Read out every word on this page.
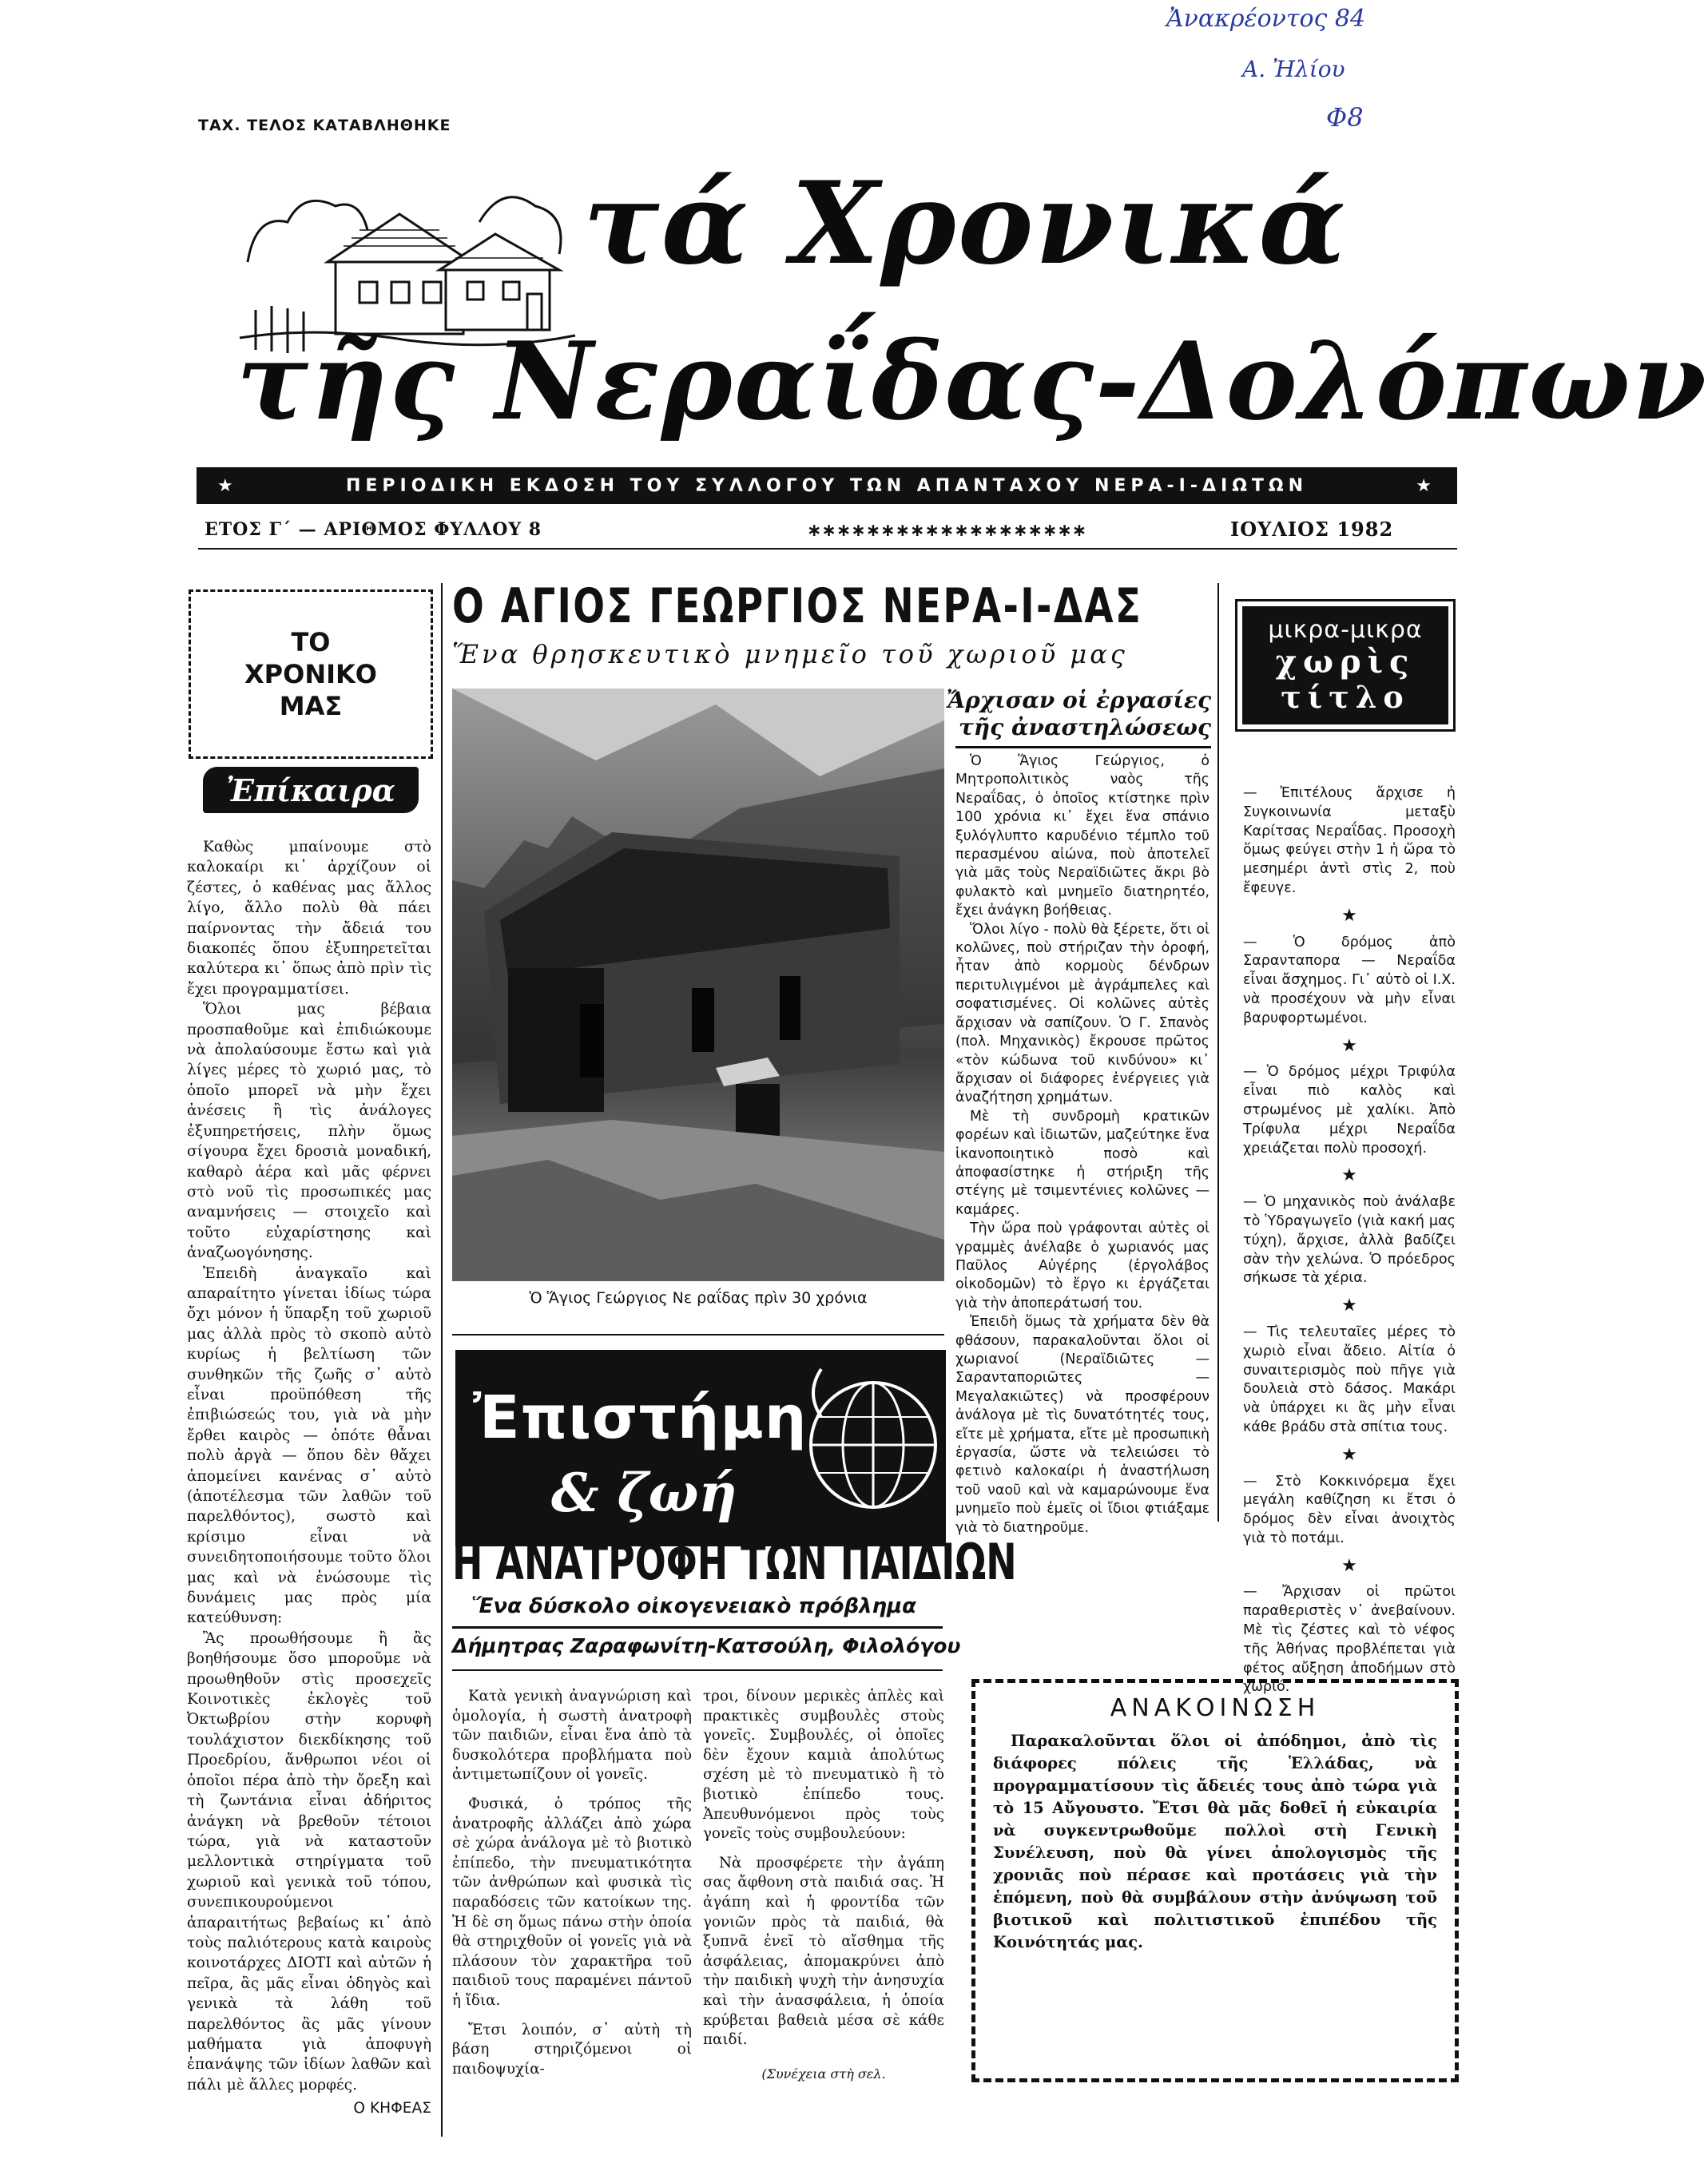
Ἀνακρέοντος 84
Α. Ἠλίου
Φ8
ΤΑΧ. ΤΕΛΟΣ ΚΑΤΑΒΛΗΘΗΚΕ
τά Χρονικά
τῆς Νεραΐδας-Δολόπων
★	ΠΕΡΙΟΔΙΚΗ ΕΚΔΟΣΗ ΤΟΥ ΣΥΛΛΟΓΟΥ ΤΩΝ ΑΠΑΝΤΑΧΟΥ ΝΕΡΑ-Ι-ΔΙΩΤΩΝ	★
ΕΤΟΣ Γ΄ — ΑΡΙΘΜΟΣ ΦΥΛΛΟΥ 8	∗∗∗∗∗∗∗∗∗∗∗∗∗∗∗∗∗∗∗	ΙΟΥΛΙΟΣ 1982
ΤΟ
ΧΡΟΝΙΚΟ
ΜΑΣ
Ἐπίκαιρα

Καθὼς μπαίνουμε στὸ καλοκαίρι κι᾽ ἀρχίζουν οἱ ζέστες, ὁ καθένας μας ἄλλος λίγο, ἄλλο πολὺ θὰ πάει παίρνοντας τὴν ἄδειά του διακοπές ὅπου ἐξυπηρετεῖται καλύτερα κι᾽ ὅπως ἀπὸ πρὶν τὶς ἔχει προγραμματίσει.

Ὅλοι μας βέβαια προσπαθοῦμε καὶ ἐπιδιώκουμε νὰ ἀπολαύσουμε ἔστω καὶ γιὰ λίγες μέρες τὸ χωριό μας, τὸ ὁποῖο μπορεῖ νὰ μὴν ἔχει ἀνέσεις ἢ τὶς ἀνάλογες ἐξυπηρετήσεις, πλὴν ὅμως σίγουρα ἔχει δροσιὰ μοναδική, καθαρὸ ἀέρα καὶ μᾶς φέρνει στὸ νοῦ τὶς προσωπικές μας αναμνήσεις — στοιχεῖο καὶ τοῦτο εὐχαρίστησης καὶ ἀναζωογόνησης.

Ἐπειδὴ ἀναγκαῖο καὶ απαραίτητο γίνεται ἰδίως τώρα ὄχι μόνον ἡ ὕπαρξη τοῦ χωριοῦ μας ἀλλὰ πρὸς τὸ σκοπὸ αὐτὸ κυρίως ἡ βελτίωση τῶν συνθηκῶν τῆς ζωῆς σ᾽ αὐτὸ εἶναι προϋπόθεση τῆς ἐπιβιώσεώς του, γιὰ νὰ μὴν ἔρθει καιρὸς — ὁπότε θἆναι πολὺ ἀργὰ — ὅπου δὲν θἄχει ἀπομείνει κανένας σ᾽ αὐτὸ (ἀποτέλεσμα τῶν λαθῶν τοῦ παρελθόντος), σωστὸ καὶ κρίσιμο εἶναι νὰ συνειδητοποιήσουμε τοῦτο ὅλοι μας καὶ νὰ ἑνώσουμε τὶς δυνάμεις μας πρὸς μία κατεύθυνση:

Ἂς προωθήσουμε ἢ ἂς βοηθήσουμε ὅσο μποροῦμε νὰ προωθηθοῦν στὶς προσεχεῖς Κοινοτικὲς ἐκλογὲς τοῦ Ὀκτωβρίου στὴν κορυφὴ τουλάχιστον διεκδίκησης τοῦ Προεδρίου, ἄνθρωποι νέοι οἱ ὁποῖοι πέρα ἀπὸ τὴν ὄρεξη καὶ τὴ ζωντάνια εἶναι ἀδήριτος ἀνάγκη νὰ βρεθοῦν τέτοιοι τώρα, γιὰ νὰ καταστοῦν μελλοντικὰ στηρίγματα τοῦ χωριοῦ καὶ γενικὰ τοῦ τόπου, συνεπικουρούμενοι ἀπαραιτήτως βεβαίως κι᾽ ἀπὸ τοὺς παλιότερους κατὰ καιροὺς κοινοτάρχες ΔΙΟΤΙ καὶ αὐτῶν ἡ πεῖρα, ἂς μᾶς εἶναι ὁδηγὸς καὶ γενικὰ τὰ λάθη τοῦ παρελθόντος ἂς μᾶς γίνουν μαθήματα γιὰ ἀποφυγὴ ἐπανάψης τῶν ἰδίων λαθῶν καὶ πάλι μὲ ἄλλες μορφές.

Ο ΚΗΦΕΑΣ

Ο ΑΓΙΟΣ ΓΕΩΡΓΙΟΣ ΝΕΡΑ-Ι-ΔΑΣ
Ἕνα θρησκευτικὸ μνημεῖο τοῦ χωριοῦ μας
Ὁ Ἅγιος Γεώργιος Νε ραΐδας πρὶν 30 χρόνια
Ἄρχισαν οἱ ἐργασίες τῆς ἀναστηλώσεως

Ὁ Ἅγιος Γεώργιος, ὁ Μητροπολιτικὸς ναὸς τῆς Νεραΐδας, ὁ ὁποῖος κτίστηκε πρὶν 100 χρόνια κι᾽ ἔχει ἕνα σπάνιο ξυλόγλυπτο καρυδένιο τέμπλο τοῦ περασμένου αἰώνα, ποὺ ἀποτελεῖ γιὰ μᾶς τοὺς Νεραϊδιῶτες ἄκρι βὸ φυλακτὸ καὶ μνημεῖο διατηρητέο, ἔχει ἀνάγκη βοήθειας.

Ὅλοι λίγο - πολὺ θὰ ξέρετε, ὅτι οἱ κολῶνες, ποὺ στήριζαν τὴν ὀροφή, ἦταν ἀπὸ κορμοὺς δένδρων περιτυλιγμένοι μὲ ἀγράμπελες καὶ σοφατισμένες. Οἱ κολῶνες αὐτὲς ἄρχισαν νὰ σαπίζουν. Ὁ Γ. Σπανὸς (πολ. Μηχανικὸς) ἔκρουσε πρῶτος «τὸν κώδωνα τοῦ κινδύνου» κι᾽ ἄρχισαν οἱ διάφορες ἐνέργειες γιὰ ἀναζήτηση χρημάτων.

Μὲ τὴ συνδρομὴ κρατικῶν φορέων καὶ ἰδιωτῶν, μαζεύτηκε ἕνα ἱκανοποιητικὸ ποσὸ καὶ ἀποφασίστηκε ἡ στήριξη τῆς στέγης μὲ τσιμεντένιες κολῶνες — καμάρες.

Τὴν ὥρα ποὺ γράφονται αὐτὲς οἱ γραμμὲς ἀνέλαβε ὁ χωριανός μας Παῦλος Αὐγέρης (ἐργολάβος οἰκοδομῶν) τὸ ἔργο κι ἐργάζεται γιὰ τὴν ἀποπεράτωσή του.

Ἐπειδὴ ὅμως τὰ χρήματα δὲν θὰ φθάσουν, παρακαλοῦνται ὅλοι οἱ χωριανοί (Νεραϊδιῶτες — Σαρανταποριῶτες — Μεγαλακιῶτες) νὰ προσφέρουν ἀνάλογα μὲ τὶς δυνατότητές τους, εἴτε μὲ χρήματα, εἴτε μὲ προσωπικὴ ἐργασία, ὥστε νὰ τελειώσει τὸ φετινὸ καλοκαίρι ἡ ἀναστήλωση τοῦ ναοῦ καὶ νὰ καμαρώνουμε ἕνα μνημεῖο ποὺ ἐμεῖς οἱ ἴδιοι φτιάξαμε γιὰ τὸ διατηροῦμε.

Ἐπιστήμη
& ζωή
Η ΑΝΑΤΡΟΦΗ ΤΩΝ ΠΑΙΔΙΩΝ
Ἕνα δύσκολο οἰκογενειακὸ πρόβλημα
Δήμητρας Ζαραφωνίτη-Κατσούλη, Φιλολόγου

Κατὰ γενικὴ ἀναγνώριση καὶ ὁμολογία, ἡ σωστὴ ἀνατροφὴ τῶν παιδιῶν, εἶναι ἕνα ἀπὸ τὰ δυσκολότερα προβλήματα ποὺ ἀντιμετωπίζουν οἱ γονεῖς.

Φυσικά, ὁ τρόπος τῆς ἀνατροφῆς ἀλλάζει ἀπὸ χώρα σὲ χώρα ἀνάλογα μὲ τὸ βιοτικὸ ἐπίπεδο, τὴν πνευματικότητα τῶν ἀνθρώπων καὶ φυσικὰ τὶς παραδόσεις τῶν κατοίκων της. Ἡ δὲ ση ὅμως πάνω στὴν ὁποία θὰ στηριχθοῦν οἱ γονεῖς γιὰ νὰ πλάσουν τὸν χαρακτῆρα τοῦ παιδιοῦ τους παραμένει πάντοῦ ἡ ἴδια.

Ἔτσι λοιπόν, σ᾽ αὐτὴ τὴ βάση στηριζόμενοι οἱ παιδοψυχία-

τροι, δίνουν μερικὲς ἁπλὲς καὶ πρακτικὲς συμβουλὲς στοὺς γονεῖς. Συμβουλές, οἱ ὁποῖες δὲν ἔχουν καμιὰ ἀπολύτως σχέση μὲ τὸ πνευματικὸ ἢ τὸ βιοτικὸ ἐπίπεδο τους. Ἀπευθυνόμενοι πρὸς τοὺς γονεῖς τοὺς συμβουλεύουν:

Νὰ προσφέρετε τὴν ἀγάπη σας ἄφθονη στὰ παιδιά σας. Ἡ ἀγάπη καὶ ἡ φροντίδα τῶν γονιῶν πρὸς τὰ παιδιά, θὰ ξυπνᾶ ἐνεῖ τὸ αἴσθημα τῆς ἀσφάλειας, ἀπομακρύνει ἀπὸ τὴν παιδικὴ ψυχὴ τὴν ἀνησυχία καὶ τὴν ἀνασφάλεια, ἡ ὁποία κρύβεται βαθειὰ μέσα σὲ κάθε παιδί.

(Συνέχεια στὴ σελ.

μικρα-μικρα
χωρὶς
τίτλο

— Ἐπιτέλους ἄρχισε ἡ Συγκοινωνία μεταξὺ Καρίτσας Νεραΐδας. Προσοχὴ ὅμως φεύγει στὴν 1 ἡ ὥρα τὸ μεσημέρι ἀντὶ στὶς 2, ποὺ ἔφευγε.

★

— Ὁ δρόμος ἀπὸ Σαρανταπορα — Νεραΐδα εἶναι ἄσχημος. Γι᾽ αὐτὸ οἱ Ι.Χ. νὰ προσέχουν νὰ μὴν εἶναι βαρυφορτωμένοι.

★

— Ὁ δρόμος μέχρι Τριφύλα εἶναι πιὸ καλὸς καὶ στρωμένος μὲ χαλίκι. Ἀπὸ Τρίφυλα μέχρι Νεραΐδα χρειάζεται πολὺ προσοχή.

★

— Ὁ μηχανικὸς ποὺ ἀνάλαβε τὸ Ὑδραγωγεῖο (γιὰ κακή μας τύχη), ἄρχισε, ἀλλὰ βαδίζει σὰν τὴν χελώνα. Ὁ πρόεδρος σήκωσε τὰ χέρια.

★

— Τὶς τελευταῖες μέρες τὸ χωριὸ εἶναι ἄδειο. Αἰτία ὁ συναιτερισμὸς ποὺ πῆγε γιὰ δουλειὰ στὸ δάσος. Μακάρι νὰ ὑπάρχει κι ἂς μὴν εἶναι κάθε βράδυ στὰ σπίτια τους.

★

— Στὸ Κοκκινόρεμα ἔχει μεγάλη καθίζηση κι ἔτσι ὁ δρόμος δὲν εἶναι ἀνοιχτὸς γιὰ τὸ ποτάμι.

★

— Ἄρχισαν οἱ πρῶτοι παραθεριστὲς ν᾽ ἀνεβαίνουν. Μὲ τὶς ζέστες καὶ τὸ νέφος τῆς Ἀθήνας προβλέπεται γιὰ φέτος αὔξηση ἀποδήμων στὸ χωριό.

ΑΝΑΚΟΙΝΩΣΗ
Παρακαλοῦνται ὅλοι οἱ ἀπόδημοι, ἀπὸ τὶς διάφορες πόλεις τῆς Ἑλλάδας, νὰ προγραμματίσουν τὶς ἄδειές τους ἀπὸ τώρα γιὰ τὸ 15 Αὔγουστο. Ἔτσι θὰ μᾶς δοθεῖ ἡ εὐκαιρία νὰ συγκεντρωθοῦμε πολλοὶ στὴ Γενικὴ Συνέλευση, ποὺ θὰ γίνει ἀπολογισμὸς τῆς χρονιᾶς ποὺ πέρασε καὶ προτάσεις γιὰ τὴν ἑπόμενη, ποὺ θὰ συμβάλουν στὴν ἀνύψωση τοῦ βιοτικοῦ καὶ πολιτιστικοῦ ἐπιπέδου τῆς Κοινότητάς μας.
